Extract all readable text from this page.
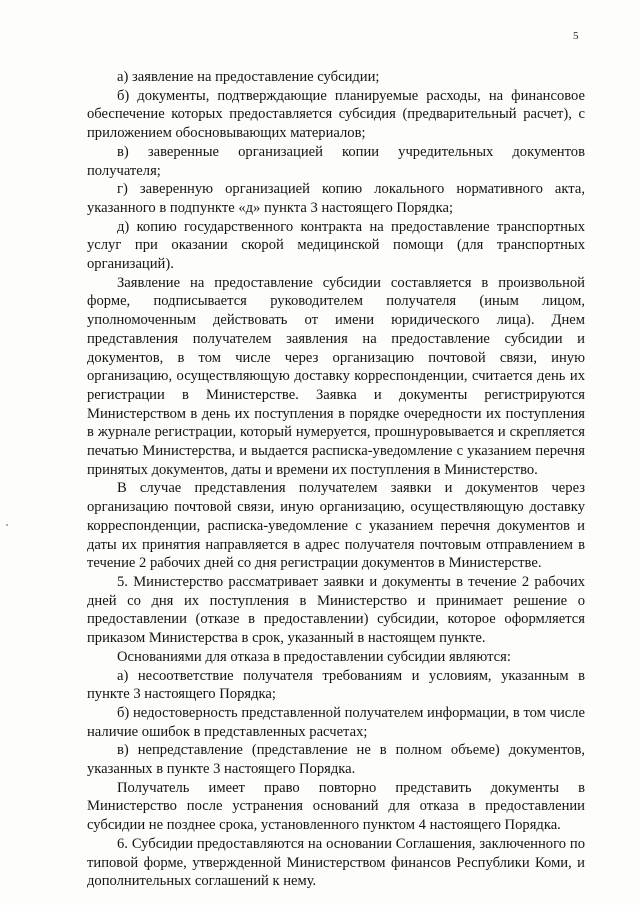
5

а) заявление на предоставление субсидии;

б) документы, подтверждающие планируемые расходы, на финансовое обеспечение которых предоставляется субсидия (предварительный расчет), с приложением обосновывающих материалов;

в) заверенные организацией копии учредительных документов получателя;

г) заверенную организацией копию локального нормативного акта, указанного в подпункте «д» пункта 3 настоящего Порядка;

д) копию государственного контракта на предоставление транспортных услуг при оказании скорой медицинской помощи (для транспортных организаций).

Заявление на предоставление субсидии составляется в произвольной форме, подписывается руководителем получателя (иным лицом, уполномоченным действовать от имени юридического лица). Днем представления получателем заявления на предоставление субсидии и документов, в том числе через организацию почтовой связи, иную организацию, осуществляющую доставку корреспонденции, считается день их регистрации в Министерстве. Заявка и документы регистрируются Министерством в день их поступления в порядке очередности их поступления в журнале регистрации, который нумеруется, прошнуровывается и скрепляется печатью Министерства, и выдается расписка-уведомление с указанием перечня принятых документов, даты и времени их поступления в Министерство.

В случае представления получателем заявки и документов через организацию почтовой связи, иную организацию, осуществляющую доставку корреспонденции, расписка-уведомление с указанием перечня документов и даты их принятия направляется в адрес получателя почтовым отправлением в течение 2 рабочих дней со дня регистрации документов в Министерстве.

5. Министерство рассматривает заявки и документы в течение 2 рабочих дней со дня их поступления в Министерство и принимает решение о предоставлении (отказе в предоставлении) субсидии, которое оформляется приказом Министерства в срок, указанный в настоящем пункте.

Основаниями для отказа в предоставлении субсидии являются:

а) несоответствие получателя требованиям и условиям, указанным в пункте 3 настоящего Порядка;

б) недостоверность представленной получателем информации, в том числе наличие ошибок в представленных расчетах;

в) непредставление (представление не в полном объеме) документов, указанных в пункте 3 настоящего Порядка.

Получатель имеет право повторно представить документы в Министерство после устранения оснований для отказа в предоставлении субсидии не позднее срока, установленного пунктом 4 настоящего Порядка.

6. Субсидии предоставляются на основании Соглашения, заключенного по типовой форме, утвержденной Министерством финансов Республики Коми, и дополнительных соглашений к нему.
